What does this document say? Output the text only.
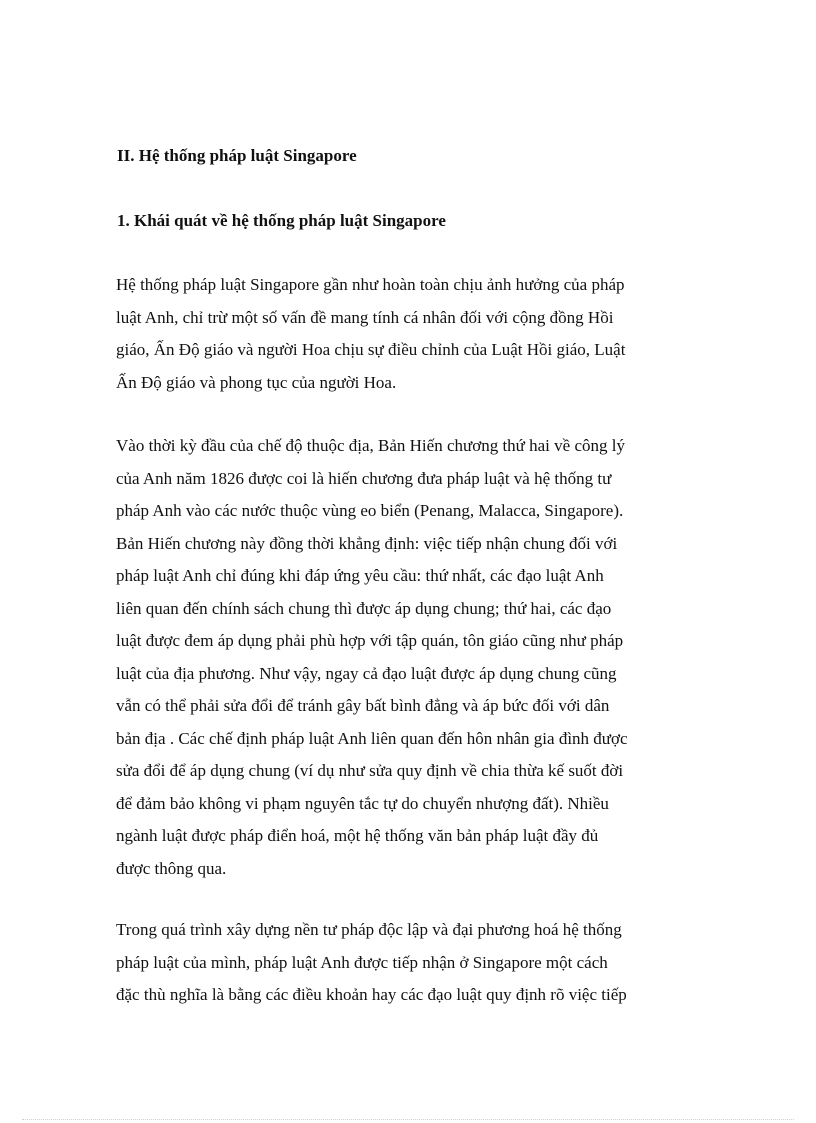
II. Hệ thống pháp luật Singapore
1. Khái quát về hệ thống pháp luật Singapore

Hệ thống pháp luật Singapore gần như hoàn toàn chịu ảnh hưởng của pháp
luật Anh, chỉ trừ một số vấn đề mang tính cá nhân đối với cộng đồng Hồi
giáo, Ấn Độ giáo và người Hoa chịu sự điều chỉnh của Luật Hồi giáo, Luật
Ấn Độ giáo và phong tục của người Hoa.

Vào thời kỳ đầu của chế độ thuộc địa, Bản Hiến chương thứ hai về công lý
của Anh năm 1826 được coi là hiến chương đưa pháp luật và hệ thống tư
pháp Anh vào các nước thuộc vùng eo biển (Penang, Malacca, Singapore).
Bản Hiến chương này đồng thời khẳng định: việc tiếp nhận chung đối với
pháp luật Anh chỉ đúng khi đáp ứng yêu cầu: thứ nhất, các đạo luật Anh
liên quan đến chính sách chung thì được áp dụng chung; thứ hai, các đạo
luật được đem áp dụng phải phù hợp với tập quán, tôn giáo cũng như pháp
luật của địa phương. Như vậy, ngay cả đạo luật được áp dụng chung cũng
vẫn có thể phải sửa đổi để tránh gây bất bình đẳng và áp bức đối với dân
bản địa . Các chế định pháp luật Anh liên quan đến hôn nhân gia đình được
sửa đổi để áp dụng chung (ví dụ như sửa quy định về chia thừa kế suốt đời
để đảm bảo không vi phạm nguyên tắc tự do chuyển nhượng đất). Nhiều
ngành luật được pháp điển hoá, một hệ thống văn bản pháp luật đầy đủ
được thông qua.

Trong quá trình xây dựng nền tư pháp độc lập và đại phương hoá hệ thống
pháp luật của mình, pháp luật Anh được tiếp nhận ở Singapore một cách
đặc thù nghĩa là bằng các điều khoản hay các đạo luật quy định rõ việc tiếp
